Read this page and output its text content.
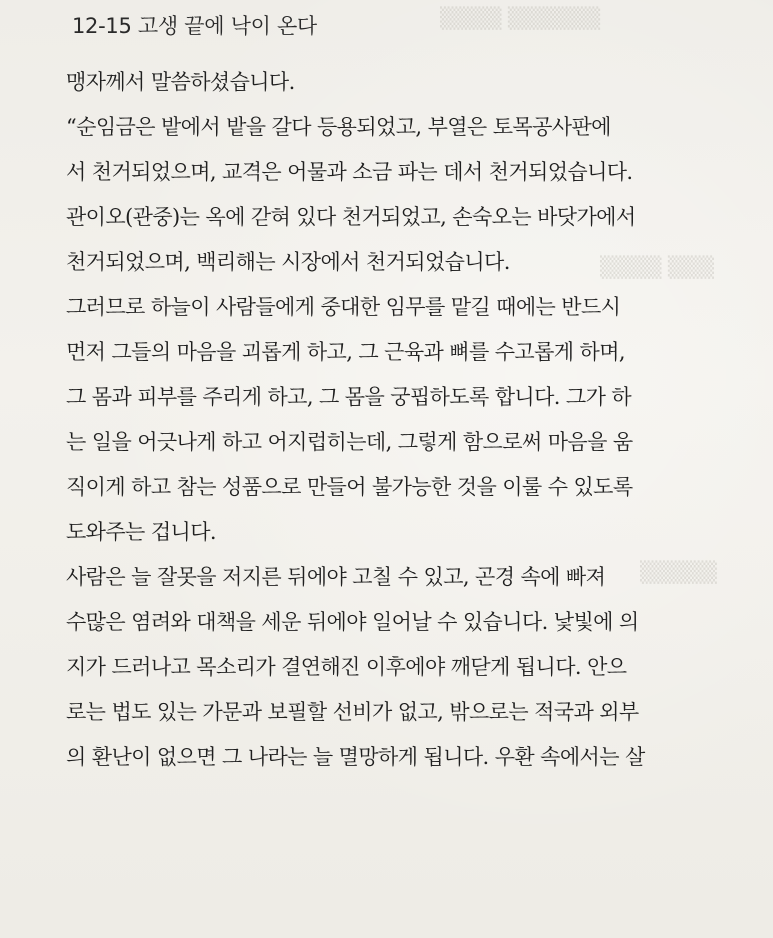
▒▒▒▒ ▒▒▒▒▒▒
▒▒▒▒ ▒▒▒
▒▒▒▒▒
12-15 고생 끝에 낙이 온다
맹자께서 말씀하셨습니다.
“순임금은 밭에서 밭을 갈다 등용되었고, 부열은 토목공사판에
서 천거되었으며, 교격은 어물과 소금 파는 데서 천거되었습니다.
관이오(관중)는 옥에 갇혀 있다 천거되었고, 손숙오는 바닷가에서
천거되었으며, 백리해는 시장에서 천거되었습니다.
그러므로 하늘이 사람들에게 중대한 임무를 맡길 때에는 반드시
먼저 그들의 마음을 괴롭게 하고, 그 근육과 뼈를 수고롭게 하며,
그 몸과 피부를 주리게 하고, 그 몸을 궁핍하도록 합니다. 그가 하
는 일을 어긋나게 하고 어지럽히는데, 그렇게 함으로써 마음을 움
직이게 하고 참는 성품으로 만들어 불가능한 것을 이룰 수 있도록
도와주는 겁니다.
사람은 늘 잘못을 저지른 뒤에야 고칠 수 있고, 곤경 속에 빠져
수많은 염려와 대책을 세운 뒤에야 일어날 수 있습니다. 낯빛에 의
지가 드러나고 목소리가 결연해진 이후에야 깨닫게 됩니다. 안으
로는 법도 있는 가문과 보필할 선비가 없고, 밖으로는 적국과 외부
의 환난이 없으면 그 나라는 늘 멸망하게 됩니다. 우환 속에서는 살
